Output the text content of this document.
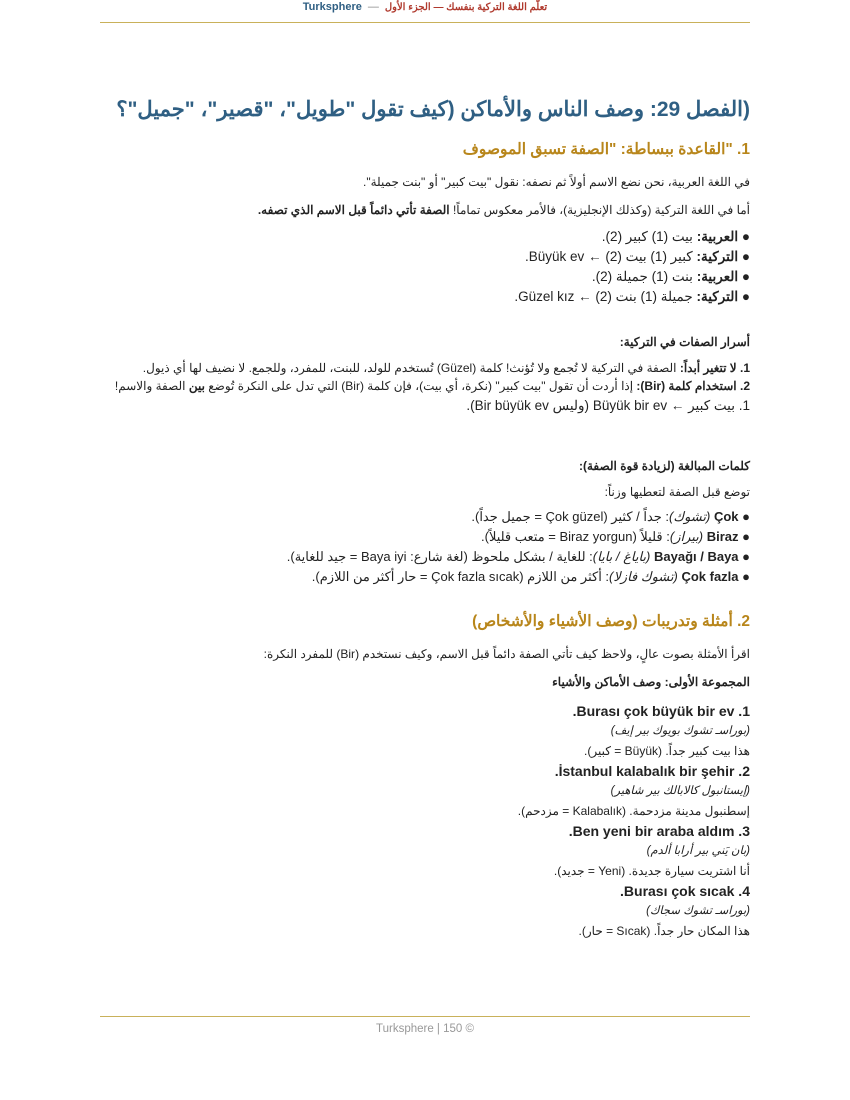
Turksphere — تعلّم اللغة التركية بنفسك — الجزء الأول
(الفصل 29: وصف الناس والأماكن (كيف تقول "طويل"، "قصير"، "جميل"؟
1. "القاعدة ببساطة: "الصفة تسبق الموصوف

في اللغة العربية، نحن نضع الاسم أولاً ثم نصفه: نقول "بيت كبير" أو "بنت جميلة".

أما في اللغة التركية (وكذلك الإنجليزية)، فالأمر معكوس تماماً! الصفة تأتي دائماً قبل الاسم الذي تصفه.

● العربية: بيت (1) كبير (2).
● التركية: كبير (1) بيت (2) ← Büyük ev.
● العربية: بنت (1) جميلة (2).
● التركية: جميلة (1) بنت (2) ← Güzel kız.

أسرار الصفات في التركية:

1. لا تتغير أبداً: الصفة في التركية لا تُجمع ولا تُؤنث! كلمة (Güzel) تُستخدم للولد، للبنت، للمفرد، وللجمع. لا نضيف لها أي ذيول.

2. استخدام كلمة (Bir): إذا أردت أن تقول "بيت كبير" (نكرة، أي بيت)، فإن كلمة (Bir) التي تدل على النكرة تُوضع بين الصفة والاسم!

1. بيت كبير ← Büyük bir ev (وليس Bir büyük ev).

كلمات المبالغة (لزيادة قوة الصفة):

توضع قبل الصفة لتعطيها وزناً:

● Çok (تشوك): جداً / كثير (Çok güzel = جميل جداً).
● Biraz (بيراز): قليلاً (Biraz yorgun = متعب قليلاً).
● Bayağı / Baya (باياغ / بايا): للغاية / بشكل ملحوظ (لغة شارع: Baya iyi = جيد للغاية).
● Çok fazla (تشوك فازلا): أكثر من اللازم (Çok fazla sıcak = حار أكثر من اللازم).
2. أمثلة وتدريبات (وصف الأشياء والأشخاص)

اقرأ الأمثلة بصوت عالٍ، ولاحظ كيف تأتي الصفة دائماً قبل الاسم، وكيف نستخدم (Bir) للمفرد النكرة:

المجموعة الأولى: وصف الأماكن والأشياء

1. Burası çok büyük bir ev.
(بوراسـ تشوك بويوك بير إيف)
هذا بيت كبير جداً. (Büyük = كبير).
2. İstanbul kalabalık bir şehir.
(إيستانبول كالابالك بير شاهير)
إسطنبول مدينة مزدحمة. (Kalabalık = مزدحم).
3. Ben yeni bir araba aldım.
(بان يَني بير أرابا ألدم)
أنا اشتريت سيارة جديدة. (Yeni = جديد).
4. Burası çok sıcak.
(بوراسـ تشوك سجاك)
هذا المكان حار جداً. (Sıcak = حار).
Turksphere | 150 ©
